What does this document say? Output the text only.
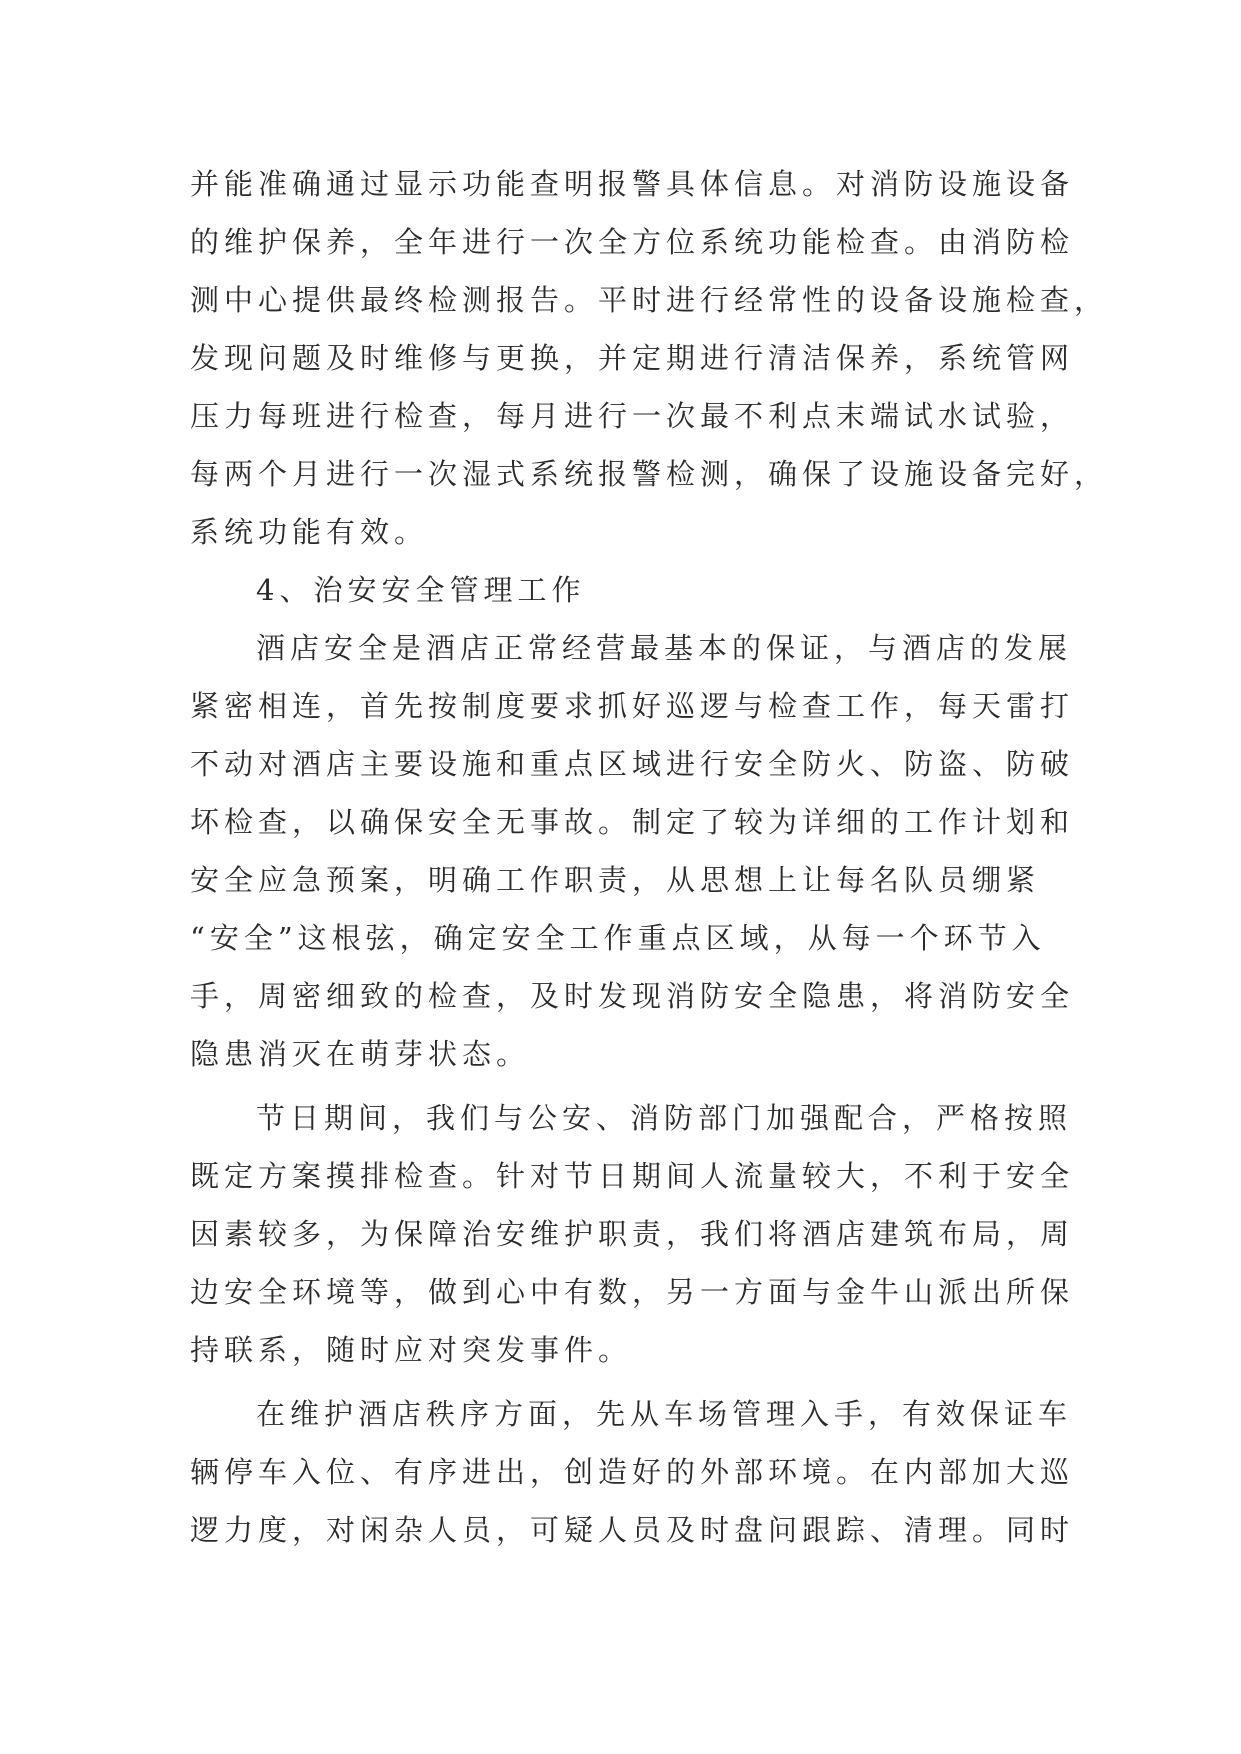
并能准确通过显示功能查明报警具体信息。对消防设施设备
的维护保养，全年进行一次全方位系统功能检查。由消防检
测中心提供最终检测报告。平时进行经常性的设备设施检查，
发现问题及时维修与更换，并定期进行清洁保养，系统管网
压力每班进行检查，每月进行一次最不利点末端试水试验，
每两个月进行一次湿式系统报警检测，确保了设施设备完好，
系统功能有效。
4、治安安全管理工作
酒店安全是酒店正常经营最基本的保证，与酒店的发展
紧密相连，首先按制度要求抓好巡逻与检查工作，每天雷打
不动对酒店主要设施和重点区域进行安全防火、防盗、防破
坏检查，以确保安全无事故。制定了较为详细的工作计划和
安全应急预案，明确工作职责，从思想上让每名队员绷紧
“安全”这根弦，确定安全工作重点区域，从每一个环节入
手，周密细致的检查，及时发现消防安全隐患，将消防安全
隐患消灭在萌芽状态。
节日期间，我们与公安、消防部门加强配合，严格按照
既定方案摸排检查。针对节日期间人流量较大，不利于安全
因素较多，为保障治安维护职责，我们将酒店建筑布局，周
边安全环境等，做到心中有数，另一方面与金牛山派出所保
持联系，随时应对突发事件。
在维护酒店秩序方面，先从车场管理入手，有效保证车
辆停车入位、有序进出，创造好的外部环境。在内部加大巡
逻力度，对闲杂人员，可疑人员及时盘问跟踪、清理。同时
